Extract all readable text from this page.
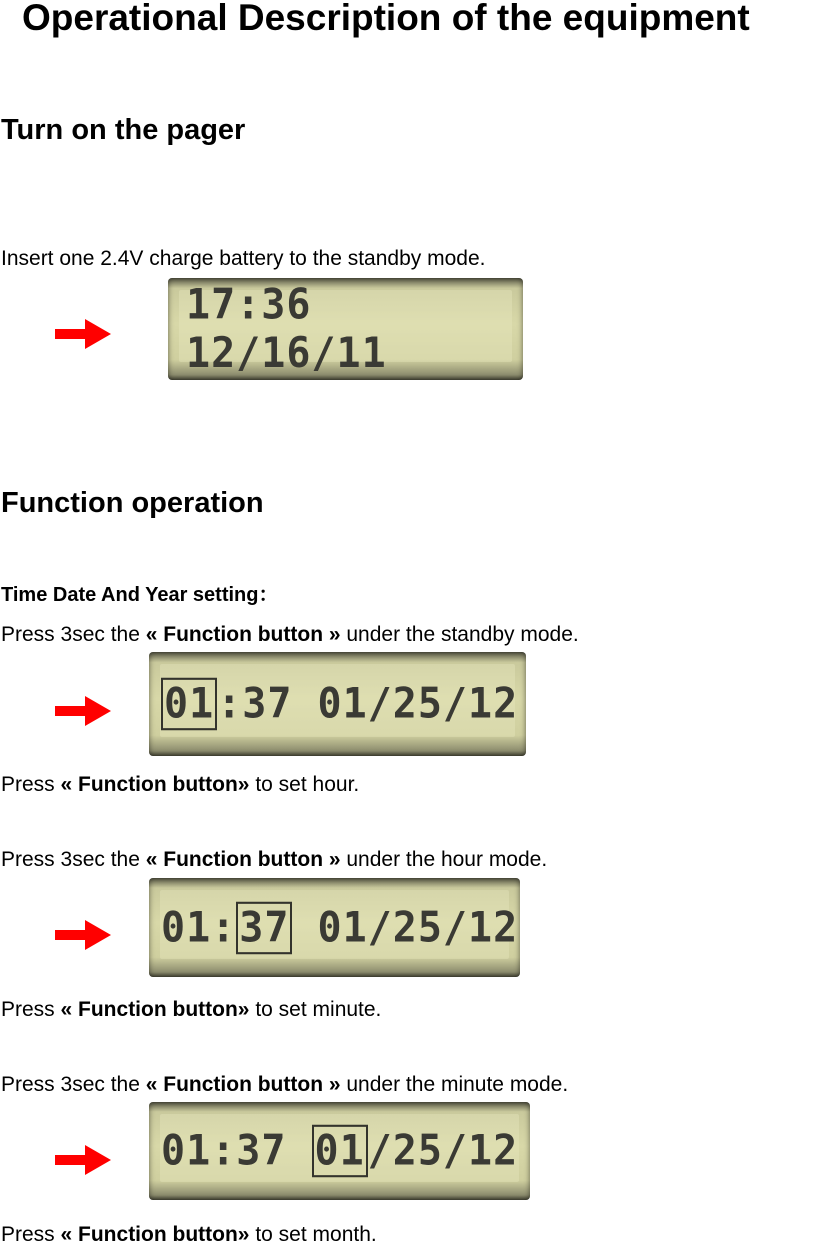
Operational Description of the equipment
Turn on the pager
Insert one 2.4V charge battery to the standby mode.
17:36 12/16/11
Function operation
Time Date And Year setting：
Press 3sec the « Function button » under the standby mode.
01:37 01/25/12
Press « Function button» to set hour.
Press 3sec the « Function button » under the hour mode.
01:37 01/25/12
Press « Function button» to set minute.
Press 3sec the « Function button » under the minute mode.
01:37 01/25/12
Press « Function button» to set month.
